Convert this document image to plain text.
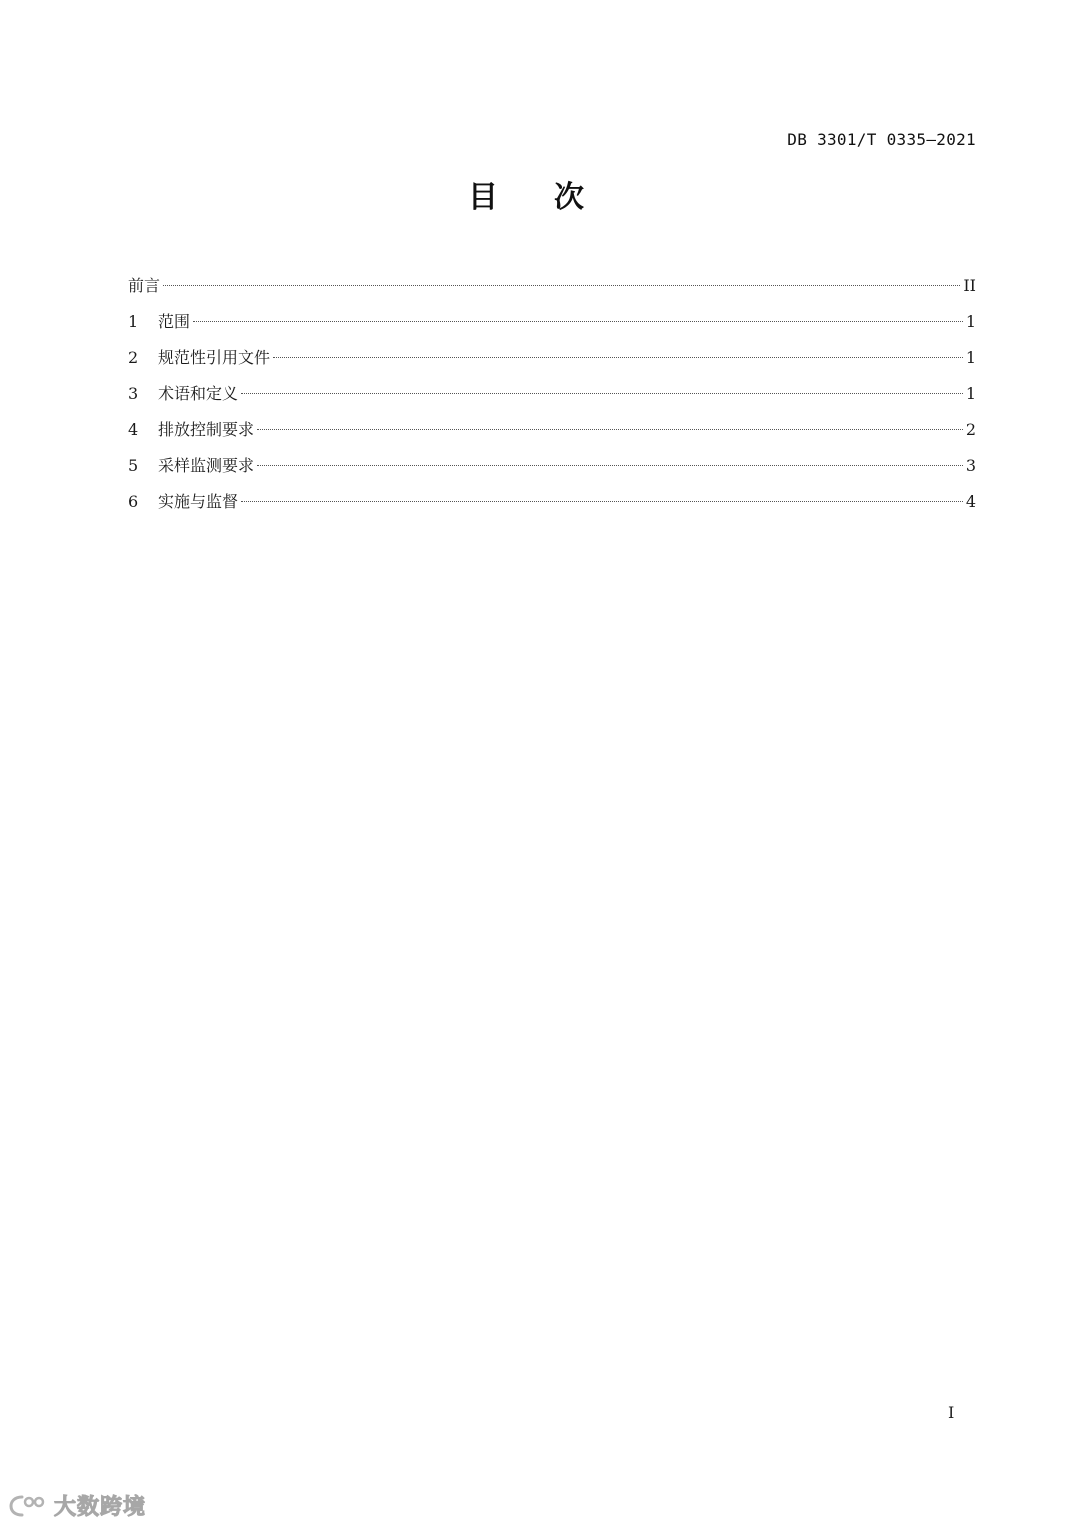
DB 3301/T 0335—2021
目次
前言	II
1	范围	1
2	规范性引用文件	1
3	术语和定义	1
4	排放控制要求	2
5	采样监测要求	3
6	实施与监督	4
I
大数跨境
